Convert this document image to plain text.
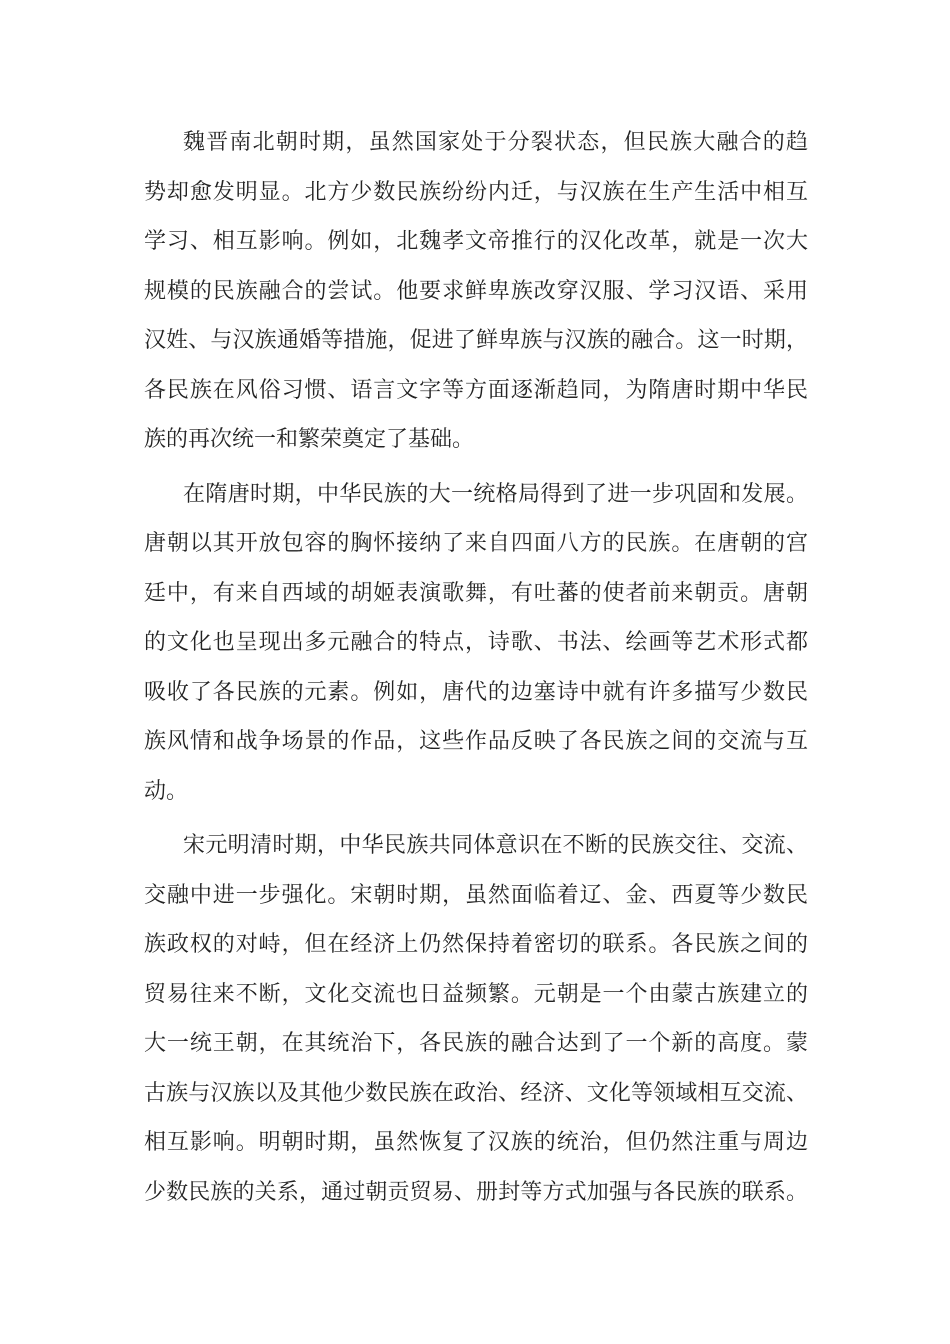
魏晋南北朝时期，虽然国家处于分裂状态，但民族大融合的趋
势却愈发明显。北方少数民族纷纷内迁，与汉族在生产生活中相互
学习、相互影响。例如，北魏孝文帝推行的汉化改革，就是一次大
规模的民族融合的尝试。他要求鲜卑族改穿汉服、学习汉语、采用
汉姓、与汉族通婚等措施，促进了鲜卑族与汉族的融合。这一时期，
各民族在风俗习惯、语言文字等方面逐渐趋同，为隋唐时期中华民
族的再次统一和繁荣奠定了基础。
在隋唐时期，中华民族的大一统格局得到了进一步巩固和发展。
唐朝以其开放包容的胸怀接纳了来自四面八方的民族。在唐朝的宫
廷中，有来自西域的胡姬表演歌舞，有吐蕃的使者前来朝贡。唐朝
的文化也呈现出多元融合的特点，诗歌、书法、绘画等艺术形式都
吸收了各民族的元素。例如，唐代的边塞诗中就有许多描写少数民
族风情和战争场景的作品，这些作品反映了各民族之间的交流与互
动。
宋元明清时期，中华民族共同体意识在不断的民族交往、交流、
交融中进一步强化。宋朝时期，虽然面临着辽、金、西夏等少数民
族政权的对峙，但在经济上仍然保持着密切的联系。各民族之间的
贸易往来不断，文化交流也日益频繁。元朝是一个由蒙古族建立的
大一统王朝，在其统治下，各民族的融合达到了一个新的高度。蒙
古族与汉族以及其他少数民族在政治、经济、文化等领域相互交流、
相互影响。明朝时期，虽然恢复了汉族的统治，但仍然注重与周边
少数民族的关系，通过朝贡贸易、册封等方式加强与各民族的联系。
